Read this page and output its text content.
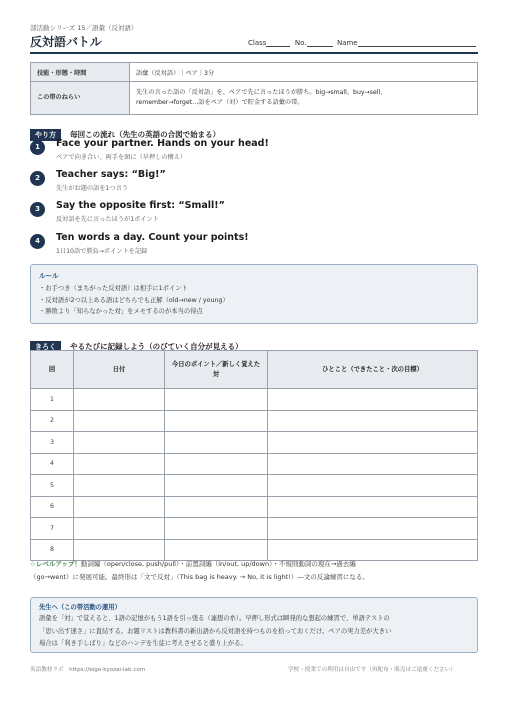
部活動シリーズ 15／語彙（反対語）
反対語バトル	Class	No.	Name
技能・形態・時間	語彙（反対語）｜ペア｜3分
この帯のねらい	先生の言った語の「反対語」を、ペアで先に言ったほうが勝ち。big→small、buy→sell、
remember→forget…語をペア（対）で貯金する語彙の帯。
やり方 毎回この流れ（先生の英語の合図で始まる）
1	Face your partner. Hands on your head!
ペアで向き合い、両手を頭に（早押しの構え）
2	Teacher says: “Big!”
先生がお題の語を1つ言う
3	Say the opposite first: “Small!”
反対語を先に言ったほうが1ポイント
4	Ten words a day. Count your points!
1日10語で勝負→ポイントを記録
ルール
・お手つき（まちがった反対語）は相手に1ポイント
・反対語が2つ以上ある語はどちらでも正解（old→new / young）
・勝敗より「知らなかった対」をメモするのが本当の得点
きろく やるたびに記録しよう（のびていく自分が見える）
回	日付	今日のポイント／新しく覚えた対	ひとこと（できたこと・次の目標）
1			
2			
3			
4			
5			
6			
7			
8			
☆レベルアップ！動詞編（open/close, push/pull）・前置詞編（in/out, up/down）・不規則動詞の現在→過去編
（go→went）に発展可能。最終形は「文で反対」（This bag is heavy. → No, it is light!）―文の反論練習になる。
先生へ（この帯活動の運用）
語彙を「対」で覚えると、1語の記憶がもう1語を引っ張る（連想の糸）。早押し形式は瞬発的な想起の練習で、単語テストの
「思い出す速さ」に直結する。お題リストは教科書の新出語から反対語を持つものを拾っておくだけ。ペアの実力差が大きい
場合は「利き手しばり」などのハンデを生徒に考えさせると盛り上がる。
英語教材ラボ　https://eigo-kyozai-lab.com	学校・授業での利用は自由です（再配布・販売はご遠慮ください）
